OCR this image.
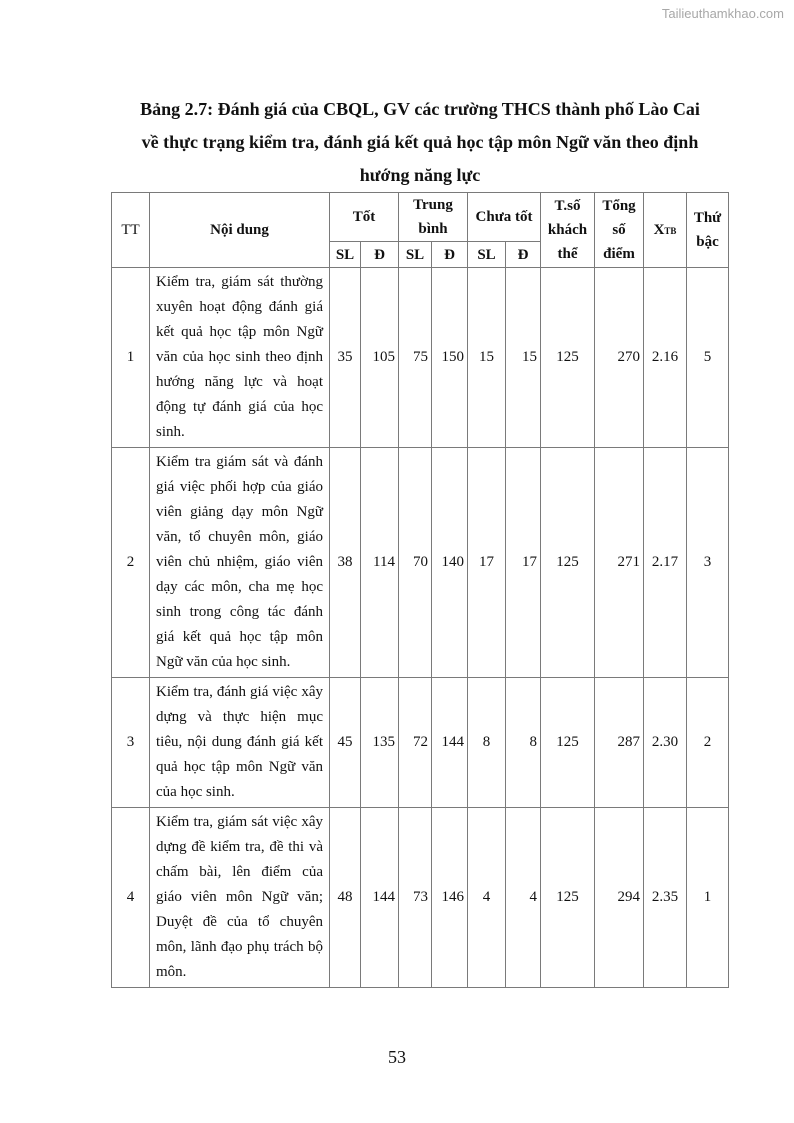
Tailieuthamkhao.com
Bảng 2.7: Đánh giá của CBQL, GV các trường THCS thành phố Lào Cai
về thực trạng kiểm tra, đánh giá kết quả học tập môn Ngữ văn theo định
hướng năng lực
TT	Nội dung	Tốt		Trung bình		Chưa tốt		T.số khách thể	Tổng số điểm	XTB	Thứ bậc
		SL	Đ	SL	Đ	SL	Đ				
1	Kiểm tra, giám sát thường xuyên hoạt động đánh giá kết quả học tập môn Ngữ văn của học sinh theo định hướng năng lực và hoạt động tự đánh giá của học sinh.	35	105	75	150	15	15	125	270	2.16	5
2	Kiểm tra giám sát và đánh giá việc phối hợp của giáo viên giảng dạy môn Ngữ văn, tổ chuyên môn, giáo viên chủ nhiệm, giáo viên dạy các môn, cha mẹ học sinh trong công tác đánh giá kết quả học tập môn Ngữ văn của học sinh.	38	114	70	140	17	17	125	271	2.17	3
3	Kiểm tra, đánh giá việc xây dựng và thực hiện mục tiêu, nội dung đánh giá kết quả học tập môn Ngữ văn của học sinh.	45	135	72	144	8	8	125	287	2.30	2
4	Kiểm tra, giám sát việc xây dựng đề kiểm tra, đề thi và chấm bài, lên điểm của giáo viên môn Ngữ văn; Duyệt đề của tổ chuyên môn, lãnh đạo phụ trách bộ môn.	48	144	73	146	4	4	125	294	2.35	1
53
